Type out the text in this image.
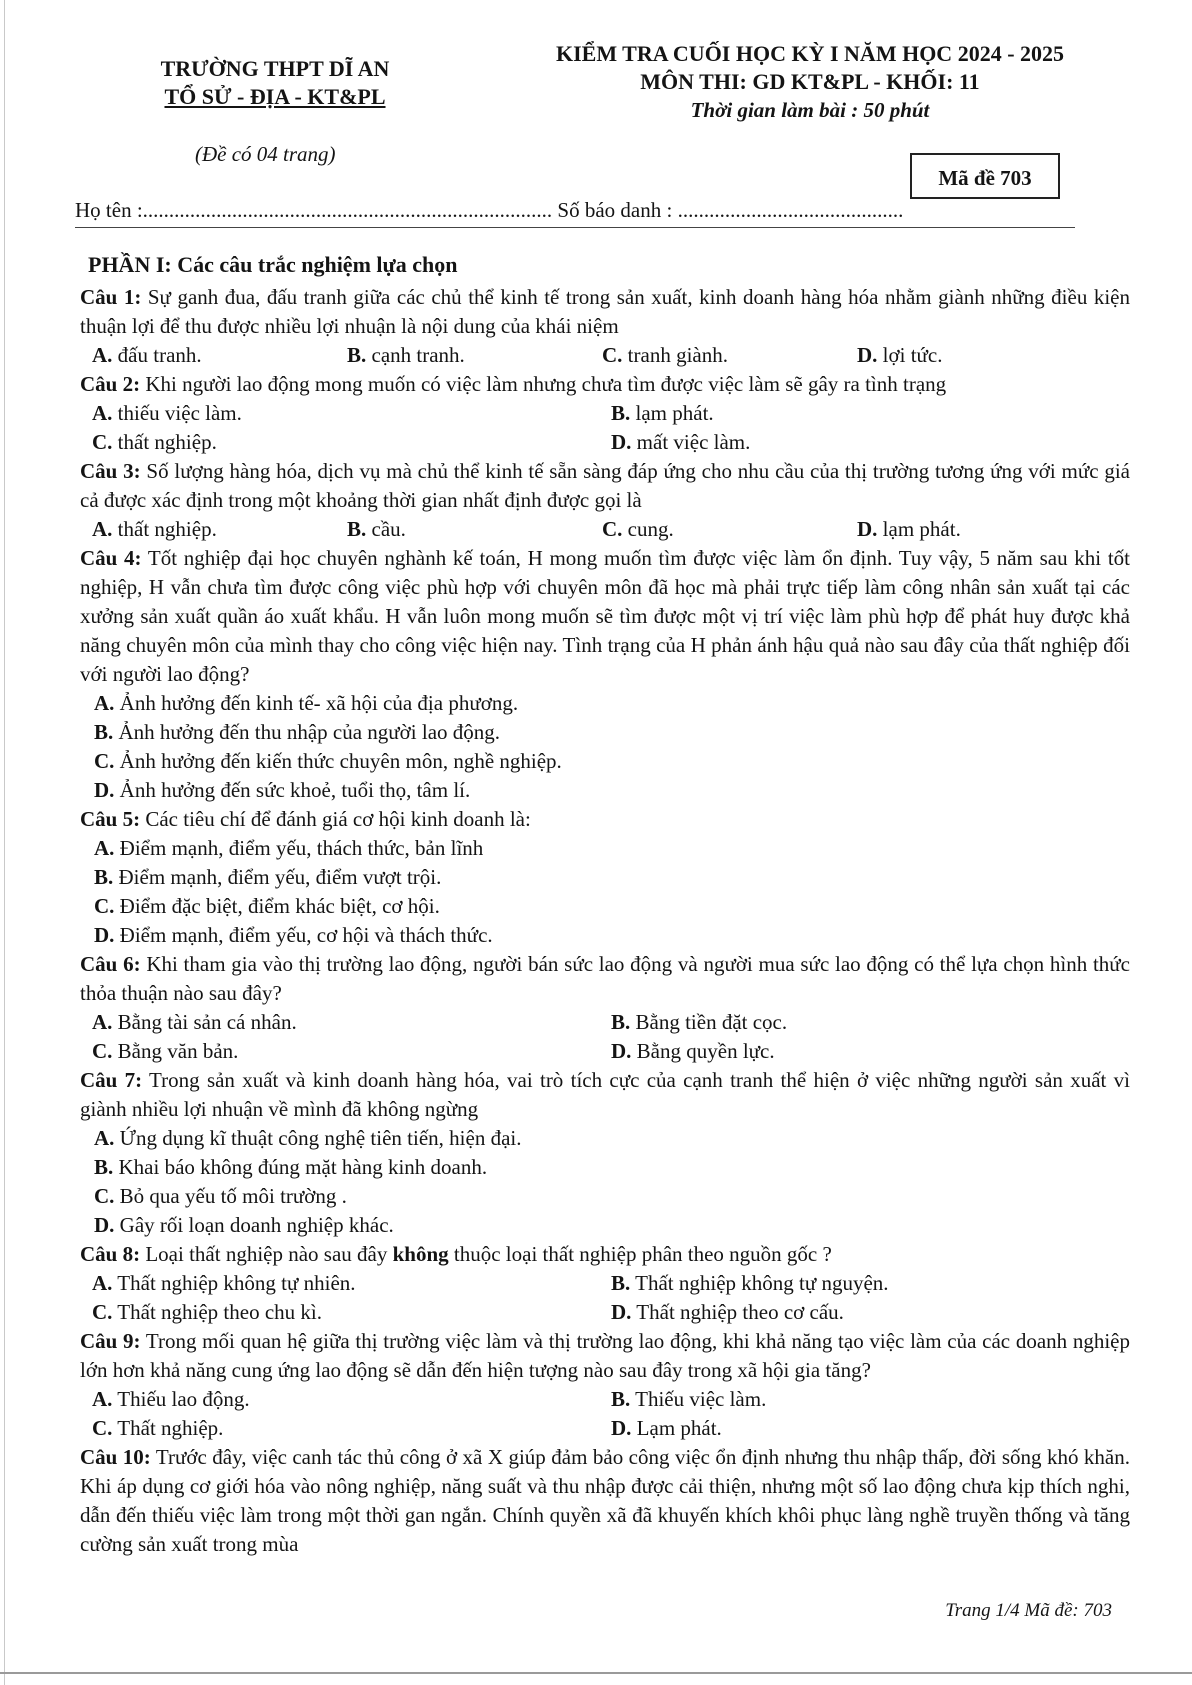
TRƯỜNG THPT DĨ AN
TỔ SỬ - ĐỊA - KT&PL
KIỂM TRA CUỐI HỌC KỲ I NĂM HỌC 2024 - 2025
MÔN THI: GD KT&PL - KHỐI: 11
Thời gian làm bài : 50 phút
(Đề có 04 trang)
Mã đề 703
Họ tên :.............................................................................. Số báo danh : ...........................................
PHẦN I: Các câu trắc nghiệm lựa chọn

Câu 1: Sự ganh đua, đấu tranh giữa các chủ thể kinh tế trong sản xuất, kinh doanh hàng hóa nhằm giành những điều kiện thuận lợi để thu được nhiều lợi nhuận là nội dung của khái niệm

A. đấu tranh.	B. cạnh tranh.	C. tranh giành.	D. lợi tức.

Câu 2: Khi người lao động mong muốn có việc làm nhưng chưa tìm được việc làm sẽ gây ra tình trạng

A. thiếu việc làm.	B. lạm phát.
C. thất nghiệp.	D. mất việc làm.

Câu 3: Số lượng hàng hóa, dịch vụ mà chủ thể kinh tế sẵn sàng đáp ứng cho nhu cầu của thị trường tương ứng với mức giá cả được xác định trong một khoảng thời gian nhất định được gọi là

A. thất nghiệp.	B. cầu.	C. cung.	D. lạm phát.

Câu 4: Tốt nghiệp đại học chuyên nghành kế toán, H mong muốn tìm được việc làm ổn định. Tuy vậy, 5 năm sau khi tốt nghiệp, H vẫn chưa tìm được công việc phù hợp với chuyên môn đã học mà phải trực tiếp làm công nhân sản xuất tại các xưởng sản xuất quần áo xuất khẩu. H vẫn luôn mong muốn sẽ tìm được một vị trí việc làm phù hợp để phát huy được khả năng chuyên môn của mình thay cho công việc hiện nay. Tình trạng của H phản ánh hậu quả nào sau đây của thất nghiệp đối với người lao động?

A. Ảnh hưởng đến kinh tế- xã hội của địa phương.
B. Ảnh hưởng đến thu nhập của người lao động.
C. Ảnh hưởng đến kiến thức chuyên môn, nghề nghiệp.
D. Ảnh hưởng đến sức khoẻ, tuổi thọ, tâm lí.

Câu 5: Các tiêu chí để đánh giá cơ hội kinh doanh là:

A. Điểm mạnh, điểm yếu, thách thức, bản lĩnh
B. Điểm mạnh, điểm yếu, điểm vượt trội.
C. Điểm đặc biệt, điểm khác biệt, cơ hội.
D. Điểm mạnh, điểm yếu, cơ hội và thách thức.

Câu 6: Khi tham gia vào thị trường lao động, người bán sức lao động và người mua sức lao động có thể lựa chọn hình thức thỏa thuận nào sau đây?

A. Bằng tài sản cá nhân.	B. Bằng tiền đặt cọc.
C. Bằng văn bản.	D. Bằng quyền lực.

Câu 7: Trong sản xuất và kinh doanh hàng hóa, vai trò tích cực của cạnh tranh thể hiện ở việc những người sản xuất vì giành nhiều lợi nhuận về mình đã không ngừng

A. Ứng dụng kĩ thuật công nghệ tiên tiến, hiện đại.
B. Khai báo không đúng mặt hàng kinh doanh.
C. Bỏ qua yếu tố môi trường .
D. Gây rối loạn doanh nghiệp khác.

Câu 8: Loại thất nghiệp nào sau đây không thuộc loại thất nghiệp phân theo nguồn gốc ?

A. Thất nghiệp không tự nhiên.	B. Thất nghiệp không tự nguyện.
C. Thất nghiệp theo chu kì.	D. Thất nghiệp theo cơ cấu.

Câu 9: Trong mối quan hệ giữa thị trường việc làm và thị trường lao động, khi khả năng tạo việc làm của các doanh nghiệp lớn hơn khả năng cung ứng lao động sẽ dẫn đến hiện tượng nào sau đây trong xã hội gia tăng?

A. Thiếu lao động.	B. Thiếu việc làm.
C. Thất nghiệp.	D. Lạm phát.

Câu 10: Trước đây, việc canh tác thủ công ở xã X giúp đảm bảo công việc ổn định nhưng thu nhập thấp, đời sống khó khăn. Khi áp dụng cơ giới hóa vào nông nghiệp, năng suất và thu nhập được cải thiện, nhưng một số lao động chưa kịp thích nghi, dẫn đến thiếu việc làm trong một thời gan ngắn. Chính quyền xã đã khuyến khích khôi phục làng nghề truyền thống và tăng cường sản xuất trong mùa

Trang 1/4 Mã đề: 703
